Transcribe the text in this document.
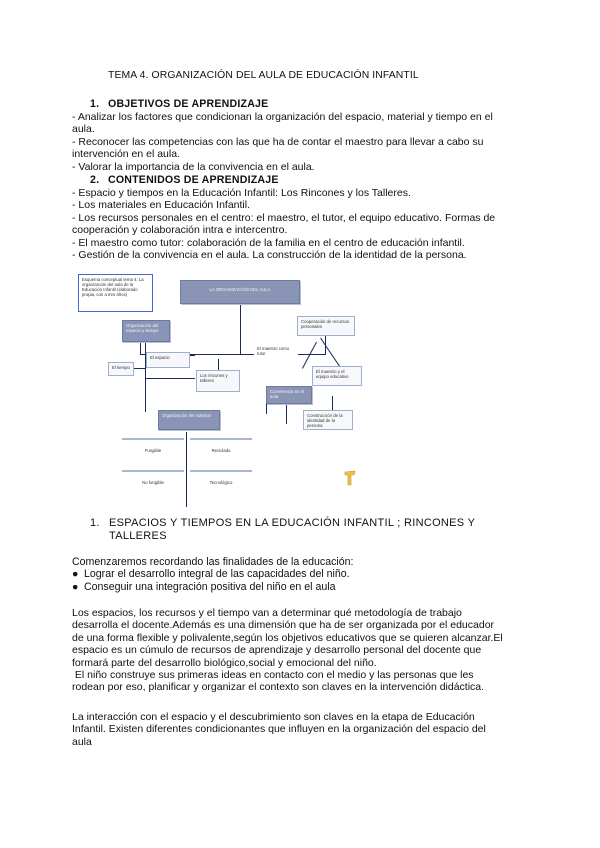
TEMA 4. ORGANIZACIÓN DEL AULA DE EDUCACIÓN INFANTIL
1. OBJETIVOS DE APRENDIZAJE

- Analizar los factores que condicionan la organización del espacio, material y tiempo en el

aula.

- Reconocer las competencias con las que ha de contar el maestro para llevar a cabo su

intervención en el aula.

- Valorar la importancia de la convivencia en el aula.

2. CONTENIDOS DE APRENDIZAJE

- Espacio y tiempos en la Educación Infantil: Los Rincones y los Talleres.

- Los materiales en Educación Infantil.

- Los recursos personales en el centro: el maestro, el tutor, el equipo educativo. Formas de

cooperación y colaboración intra e intercentro.

- El maestro como tutor: colaboración de la familia en el centro de educación infantil.

- Gestión de la convivencia en el aula. La construcción de la identidad de la persona.

Esquema conceptual tema 4: La organización del aula de la Educación Infantil (elaborado propia, con a tres años)
LA ORGANIZACIÓN DEL AULA
Organización del espacio y tiempo
El espacio
El tiempo
Los rincones y talleres
Cooperación de recursos personales
El maestro como tutor
El maestro y el equipo educativo
Convivencia en el aula
Construcción de la identidad de la persona
Organización del material
Fungible	Reciclado
No fungible	Tecnológico
1. ESPACIOS Y TIEMPOS EN LA EDUCACIÓN INFANTIL ; RINCONES Y
TALLERES
Comenzaremos recordando las finalidades de la educación:
● Lograr el desarrollo integral de las capacidades del niño.
● Conseguir una integración positiva del niño en el aula

Los espacios, los recursos y el tiempo van a determinar qué metodología de trabajo

desarrolla el docente.Además es una dimensión que ha de ser organizada por el educador

de una forma flexible y polivalente,según los objetivos educativos que se quieren alcanzar.El

espacio es un cúmulo de recursos de aprendizaje y desarrollo personal del docente que

formará parte del desarrollo biológico,social y emocional del niño.

El niño construye sus primeras ideas en contacto con el medio y las personas que les

rodean por eso, planificar y organizar el contexto son claves en la intervención didáctica.

La interacción con el espacio y el descubrimiento son claves en la etapa de Educación

Infantil. Existen diferentes condicionantes que influyen en la organización del espacio del

aula
